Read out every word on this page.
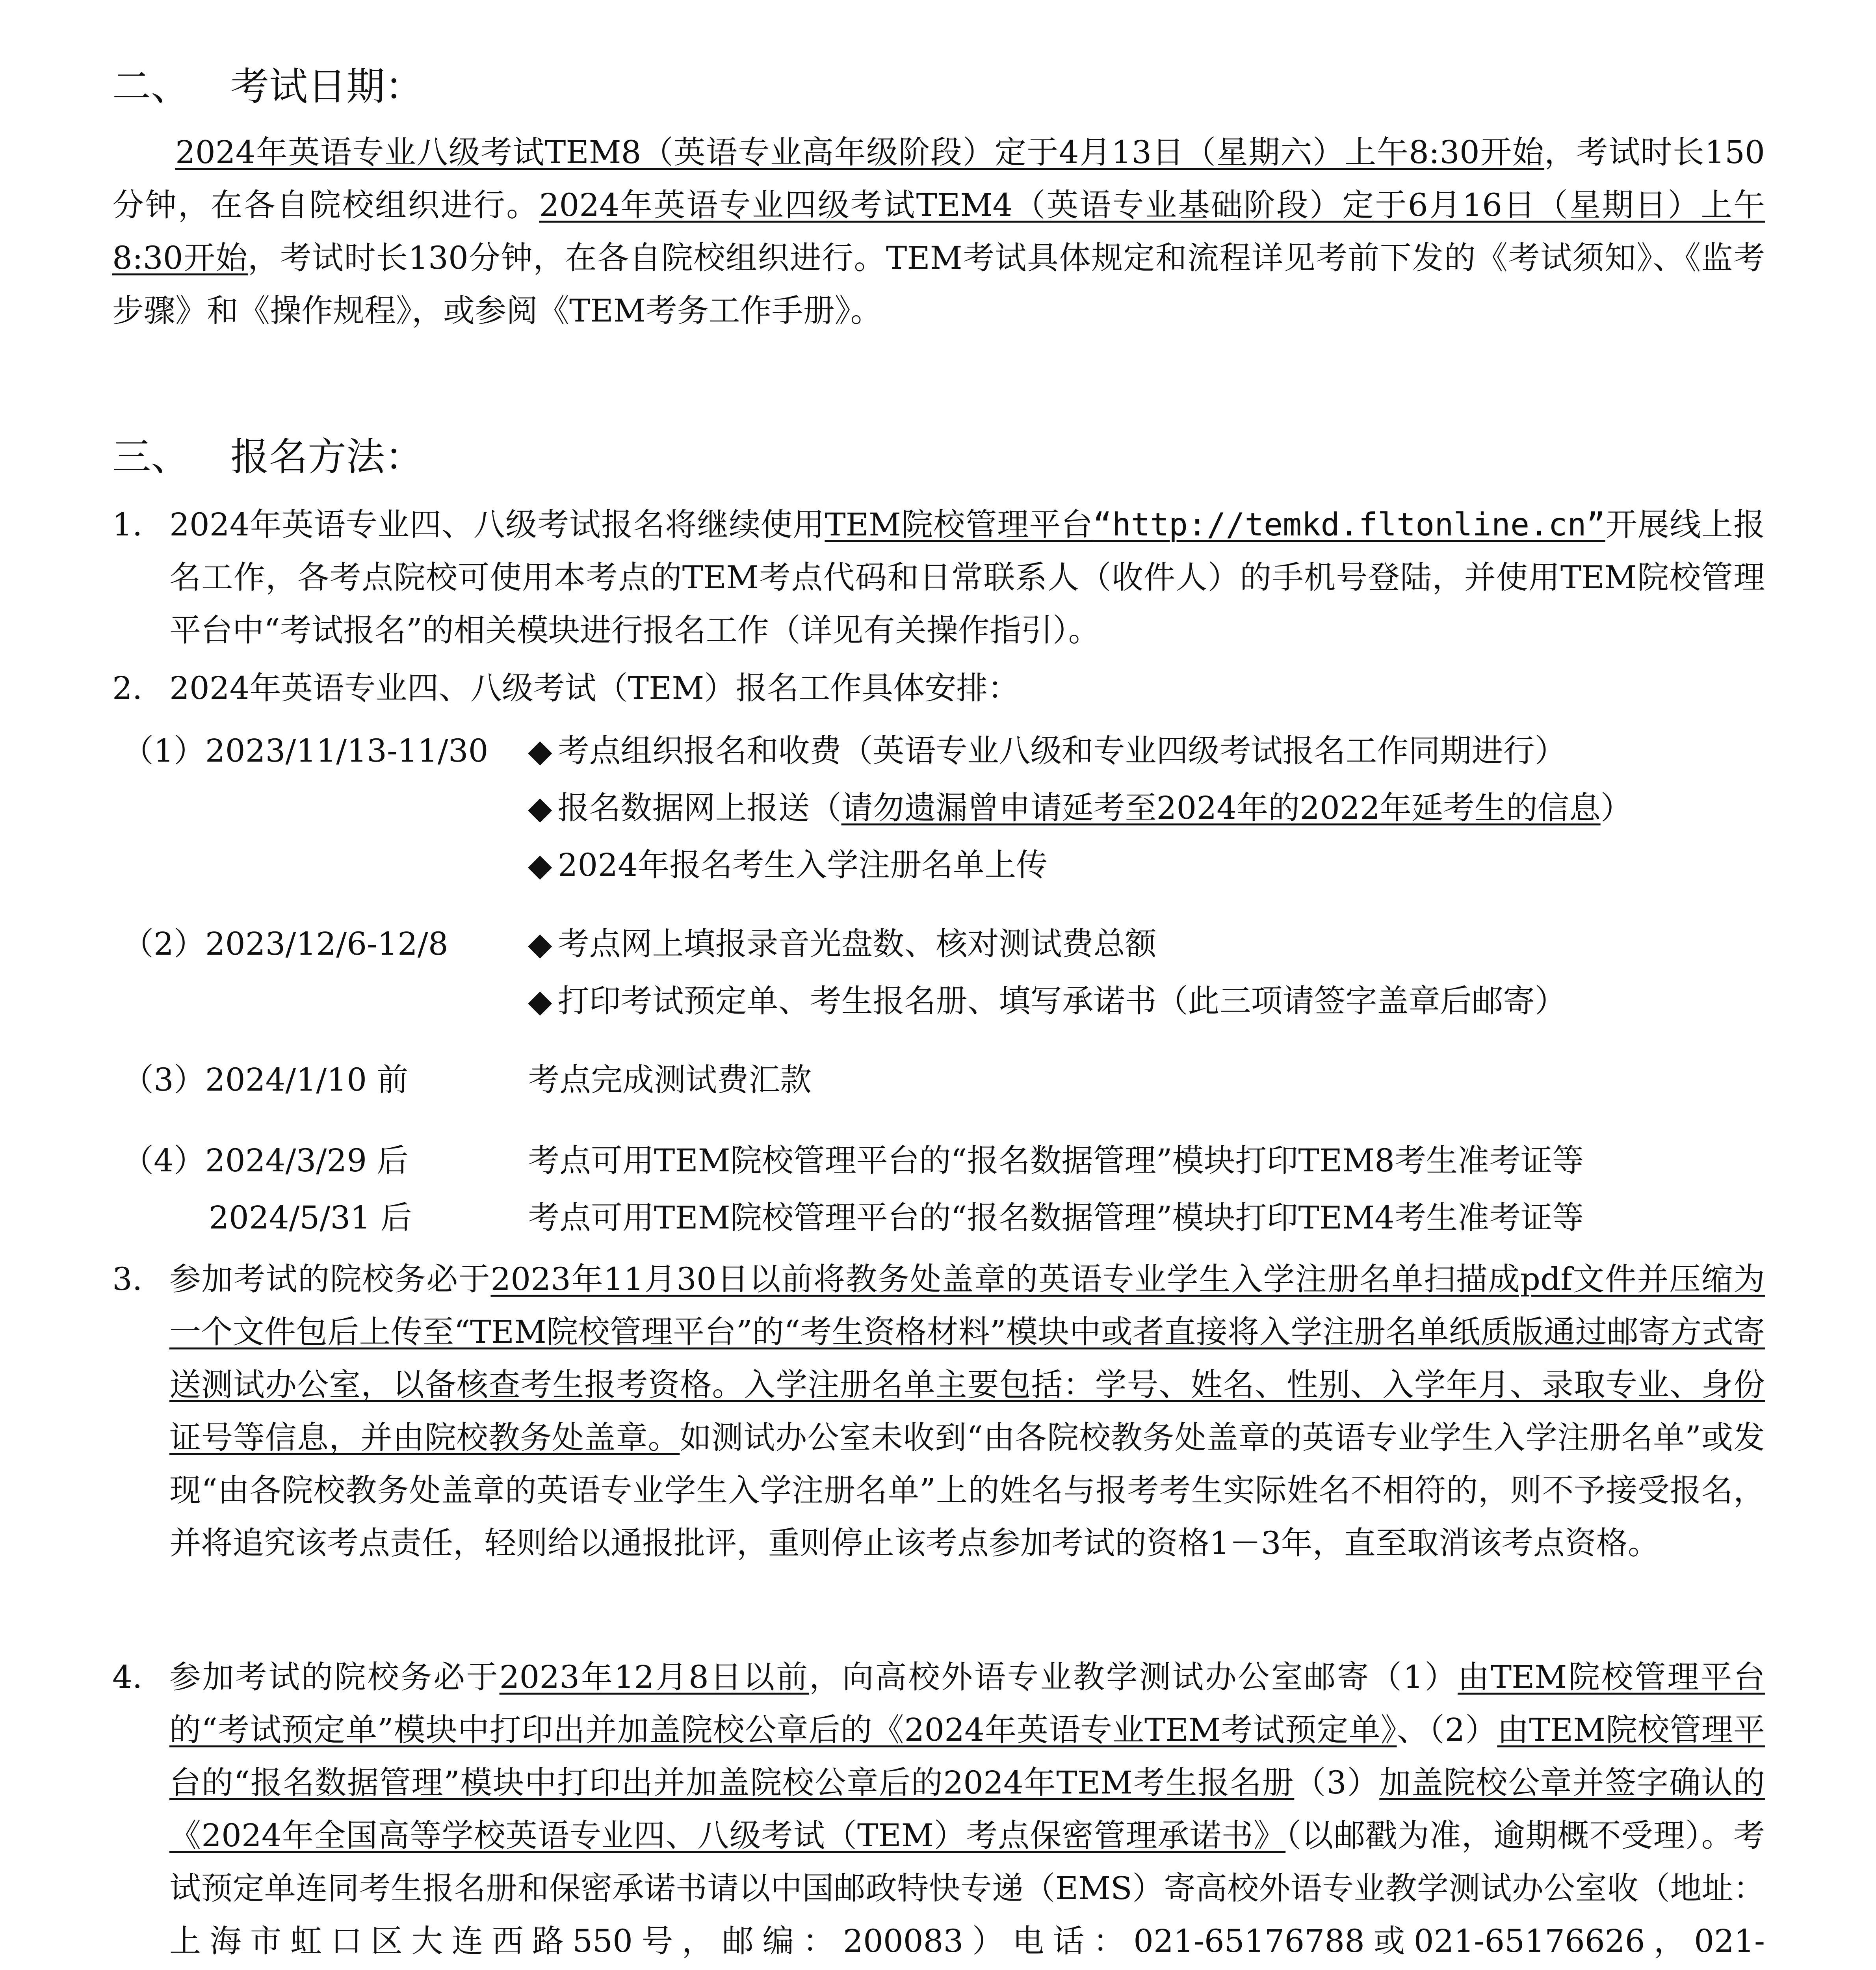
二、 考试日期：
2024年英语专业八级考试TEM8（英语专业高年级阶段）定于4月13日（星期六）上午8:30开始，考试时长150分钟，在各自院校组织进行。2024年英语专业四级考试TEM4（英语专业基础阶段）定于6月16日（星期日）上午8:30开始，考试时长130分钟，在各自院校组织进行。TEM考试具体规定和流程详见考前下发的《考试须知》、《监考步骤》和《操作规程》，或参阅《TEM考务工作手册》。
三、 报名方法：
1. 2024年英语专业四、八级考试报名将继续使用TEM院校管理平台“http://temkd.fltonline.cn”开展线上报名工作，各考点院校可使用本考点的TEM考点代码和日常联系人（收件人）的手机号登陆，并使用TEM院校管理平台中“考试报名”的相关模块进行报名工作（详见有关操作指引）。
2. 2024年英语专业四、八级考试（TEM）报名工作具体安排：
（1）2023/11/13-11/30 ◆ 考点组织报名和收费（英语专业八级和专业四级考试报名工作同期进行）
◆ 报名数据网上报送（请勿遗漏曾申请延考至2024年的2022年延考生的信息）
◆ 2024年报名考生入学注册名单上传
（2）2023/12/6-12/8	◆ 考点网上填报录音光盘数、核对测试费总额
◆ 打印考试预定单、考生报名册、填写承诺书（此三项请签字盖章后邮寄）
（3）2024/1/10 前	考点完成测试费汇款
（4）2024/3/29 后	考点可用TEM院校管理平台的“报名数据管理”模块打印TEM8考生准考证等
2024/5/31 后	考点可用TEM院校管理平台的“报名数据管理”模块打印TEM4考生准考证等
3. 参加考试的院校务必于2023年11月30日以前将教务处盖章的英语专业学生入学注册名单扫描成pdf文件并压缩为一个文件包后上传至“TEM院校管理平台”的“考生资格材料”模块中或者直接将入学注册名单纸质版通过邮寄方式寄送测试办公室，以备核查考生报考资格。入学注册名单主要包括：学号、姓名、性别、入学年月、录取专业、身份证号等信息，并由院校教务处盖章。如测试办公室未收到“由各院校教务处盖章的英语专业学生入学注册名单”或发现“由各院校教务处盖章的英语专业学生入学注册名单”上的姓名与报考考生实际姓名不相符的，则不予接受报名，并将追究该考点责任，轻则给以通报批评，重则停止该考点参加考试的资格1－3年，直至取消该考点资格。
4. 参加考试的院校务必于2023年12月8日以前，向高校外语专业教学测试办公室邮寄（1）由TEM院校管理平台的“考试预定单”模块中打印出并加盖院校公章后的《2024年英语专业TEM考试预定单》、（2）由TEM院校管理平台的“报名数据管理”模块中打印出并加盖院校公章后的2024年TEM考生报名册（3）加盖院校公章并签字确认的《2024年全国高等学校英语专业四、八级考试（TEM）考点保密管理承诺书》（以邮戳为准，逾期概不受理）。考试预定单连同考生报名册和保密承诺书请以中国邮政特快专递（EMS）寄高校外语专业教学测试办公室收（地址：上海市虹口区大连西路550号，邮编：200083）电话：021-65176788或021-65176626，021-
